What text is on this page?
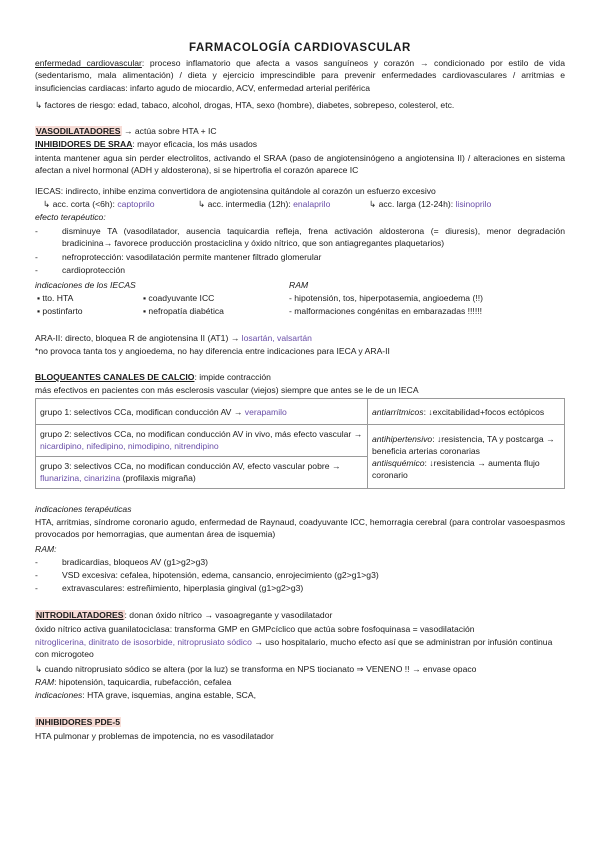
FARMACOLOGÍA CARDIOVASCULAR
enfermedad cardiovascular: proceso inflamatorio que afecta a vasos sanguíneos y corazón → condicionado por estilo de vida (sedentarismo, mala alimentación) / dieta y ejercicio imprescindible para prevenir enfermedades cardiovasculares / arritmias e insuficiencias cardiacas: infarto agudo de miocardio, ACV, enfermedad arterial periférica
↳ factores de riesgo: edad, tabaco, alcohol, drogas, HTA, sexo (hombre), diabetes, sobrepeso, colesterol, etc.
VASODILATADORES → actúa sobre HTA + IC
INHIBIDORES DE SRAA: mayor eficacia, los más usados
intenta mantener agua sin perder electrolitos, activando el SRAA (paso de angiotensinógeno a angiotensina II) / alteraciones en sistema afectan a nivel hormonal (ADH y aldosterona), si se hipertrofia el corazón aparece IC
IECAS: indirecto, inhibe enzima convertidora de angiotensina quitándole al corazón un esfuerzo excesivo
↳ acc. corta (<6h): captoprilo	↳ acc. intermedia (12h): enalaprilo	↳ acc. larga (12-24h): lisinoprilo
efecto terapéutico:
-	disminuye TA (vasodilatador, ausencia taquicardia refleja, frena activación aldosterona (= diuresis), menor degradación bradicinina→ favorece producción prostaciclina y óxido nítrico, que son antiagregantes plaquetarios)
-	nefroprotección: vasodilatación permite mantener filtrado glomerular
-	cardioprotección
indicaciones de los IECAS	RAM
▪ tto. HTA	▪ coadyuvante ICC
▪ postinfarto	▪ nefropatía diabética
- hipotensión, tos, hiperpotasemia, angioedema (!!)
- malformaciones congénitas en embarazadas !!!!!!
ARA-II: directo, bloquea R de angiotensina II (AT1) → losartán, valsartán
*no provoca tanta tos y angioedema, no hay diferencia entre indicaciones para IECA y ARA-II
BLOQUEANTES CANALES DE CALCIO: impide contracción
más efectivos en pacientes con más esclerosis vascular (viejos) siempre que antes se le de un IECA
grupo 1: selectivos CCa, modifican conducción AV → verapamilo	antiarrítmicos: ↓excitabilidad+focos ectópicos
grupo 2: selectivos CCa, no modifican conducción AV in vivo, más efecto vascular → nicardipino, nifedipino, nimodipino, nitrendipino	antihipertensivo: ↓resistencia, TA y postcarga → beneficia arterias coronarias
antiisquémico: ↓resistencia → aumenta flujo coronario

grupo 3: selectivos CCa, no modifican conducción AV, efecto vascular pobre → flunarizina, cinarizina (profilaxis migraña)	
indicaciones terapéuticas
HTA, arritmias, síndrome coronario agudo, enfermedad de Raynaud, coadyuvante ICC, hemorragia cerebral (para controlar vasoespasmos provocados por hemorragias, que aumentan área de isquemia)
RAM:
-	bradicardias, bloqueos AV (g1>g2>g3)
-	VSD excesiva: cefalea, hipotensión, edema, cansancio, enrojecimiento (g2>g1>g3)
-	extravasculares: estreñimiento, hiperplasia gingival (g1>g2>g3)
NITRODILATADORES: donan óxido nítrico → vasoagregante y vasodilatador
óxido nítrico activa guanilatociclasa: transforma GMP en GMPcíclico que actúa sobre fosfoquinasa = vasodilatación
nitroglicerina, dinitrato de isosorbide, nitroprusiato sódico → uso hospitalario, mucho efecto así que se administran por infusión continua con microgoteo
↳ cuando nitroprusiato sódico se altera (por la luz) se transforma en NPS tiocianato ⇒ VENENO !! → envase opaco
RAM: hipotensión, taquicardia, rubefacción, cefalea
indicaciones: HTA grave, isquemias, angina estable, SCA,
INHIBIDORES PDE-5
HTA pulmonar y problemas de impotencia, no es vasodilatador
